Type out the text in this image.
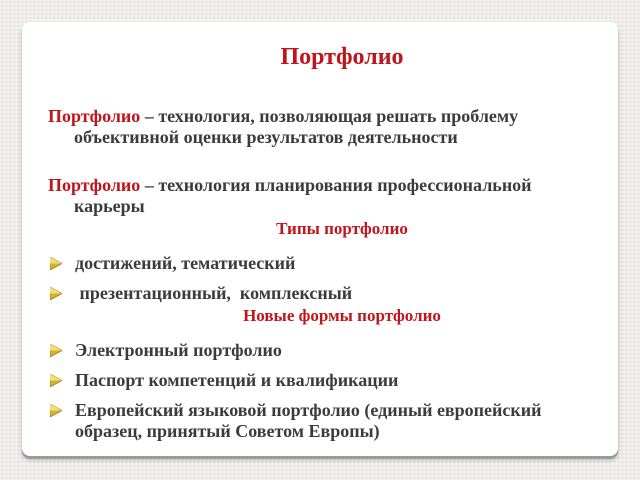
Портфолио
Портфолио – технология, позволяющая решать проблему
объективной оценки результатов деятельности
Портфолио – технология планирования профессиональной
карьеры
Типы портфолио
достижений, тематический
презентационный,  комплексный
Новые формы портфолио
Электронный портфолио
Паспорт компетенций и квалификации
Европейский языковой портфолио (единый европейский
образец, принятый Советом Европы)
